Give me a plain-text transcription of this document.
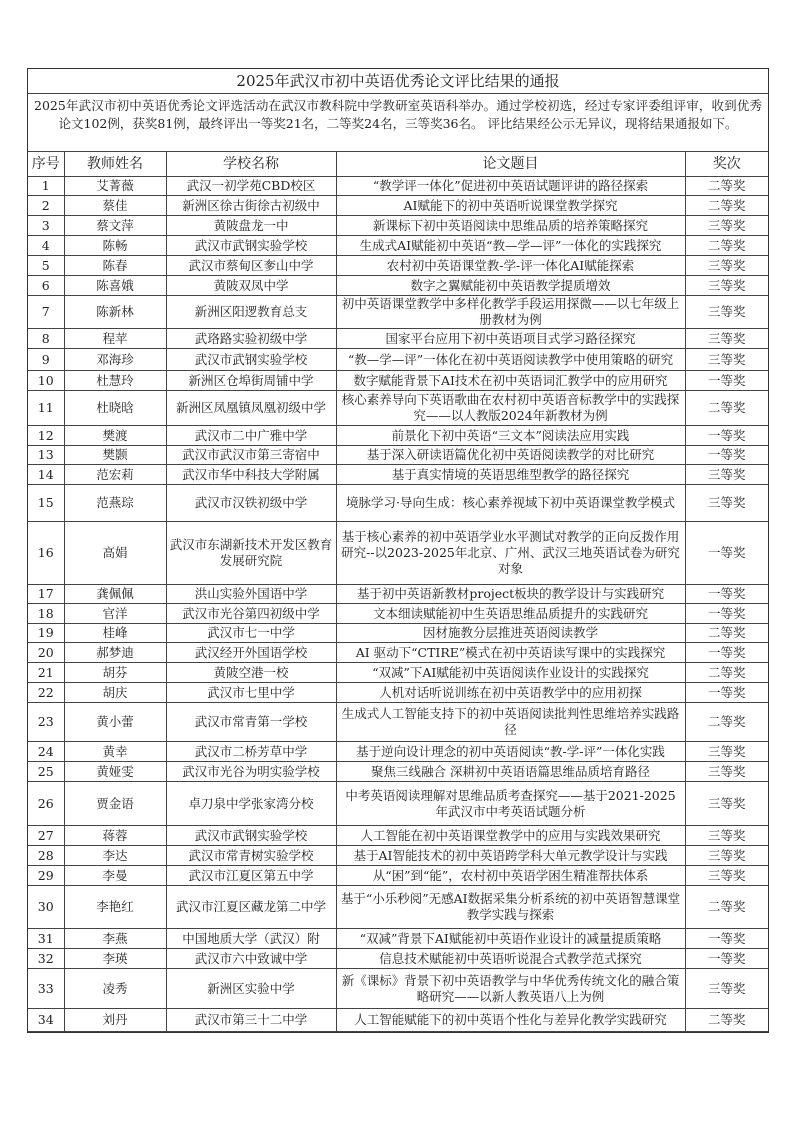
2025年武汉市初中英语优秀论文评比结果的通报
2025年武汉市初中英语优秀论文评选活动在武汉市教科院中学教研室英语科举办。通过学校初选，经过专家评委组评审，收到优秀论文102例，获奖81例，最终评出一等奖21名，二等奖24名，三等奖36名。 评比结果经公示无异议，现将结果通报如下。
序号	教师姓名	学校名称	论文题目	奖次
1	艾菁薇	武汉一初学苑CBD校区	“教学评一体化”促进初中英语试题评讲的路径探索	二等奖
2	蔡佳	新洲区徐古街徐古初级中	AI赋能下的初中英语听说课堂教学探究	二等奖
3	蔡文萍	黄陂盘龙一中	新课标下初中英语阅读中思维品质的培养策略探究	三等奖
4	陈畅	武汉市武钢实验学校	生成式AI赋能初中英语“教—学—评”一体化的实践探究	二等奖
5	陈春	武汉市蔡甸区奓山中学	农村初中英语课堂教-学-评一体化AI赋能探索	三等奖
6	陈喜娥	黄陂双凤中学	数字之翼赋能初中英语教学提质增效	三等奖
7	陈新林	新洲区阳逻教育总支	初中英语课堂教学中多样化教学手段运用探微——以七年级上册教材为例	三等奖
8	程苹	武珞路实验初级中学	国家平台应用下初中英语项目式学习路径探究	三等奖
9	邓海珍	武汉市武钢实验学校	“教—学—评”一体化在初中英语阅读教学中使用策略的研究	三等奖
10	杜慧玲	新洲区仓埠街周铺中学	数字赋能背景下AI技术在初中英语词汇教学中的应用研究	一等奖
11	杜晓晗	新洲区凤凰镇凤凰初级中学	核心素养导向下英语歌曲在农村初中英语音标教学中的实践探究——以人教版2024年新教材为例	二等奖
12	樊渡	武汉市二中广雅中学	前景化下初中英语“三文本”阅读法应用实践	一等奖
13	樊颢	武汉市武汉市第三寄宿中	基于深入研读语篇优化初中英语阅读教学的对比研究	一等奖
14	范宏莉	武汉市华中科技大学附属	基于真实情境的英语思维型教学的路径探究	三等奖
15	范燕琮	武汉市汉铁初级中学	境脉学习·导向生成：核心素养视域下初中英语课堂教学模式	三等奖
16	高娟	武汉市东湖新技术开发区教育发展研究院	基于核心素养的初中英语学业水平测试对教学的正向反拨作用研究--以2023-2025年北京、广州、武汉三地英语试卷为研究对象	一等奖
17	龚佩佩	洪山实验外国语中学	基于初中英语新教材project板块的教学设计与实践研究	一等奖
18	官洋	武汉市光谷第四初级中学	文本细读赋能初中生英语思维品质提升的实践研究	一等奖
19	桂峰	武汉市七一中学	因材施教分层推进英语阅读教学	二等奖
20	郝梦迪	武汉经开外国语学校	AI 驱动下“CTIRE”模式在初中英语读写课中的实践探究	一等奖
21	胡芬	黄陂空港一校	“双减”下AI赋能初中英语阅读作业设计的实践探究	二等奖
22	胡庆	武汉市七里中学	人机对话听说训练在初中英语教学中的应用初探	一等奖
23	黄小蕾	武汉市常青第一学校	生成式人工智能支持下的初中英语阅读批判性思维培养实践路径	二等奖
24	黄幸	武汉市二桥芳草中学	基于逆向设计理念的初中英语阅读“教-学-评”一体化实践	三等奖
25	黄娅雯	武汉市光谷为明实验学校	聚焦三线融合 深耕初中英语语篇思维品质培育路径	三等奖
26	贾金语	卓刀泉中学张家湾分校	中考英语阅读理解对思维品质考查探究——基于2021-2025年武汉市中考英语试题分析	三等奖
27	蒋蓉	武汉市武钢实验学校	人工智能在初中英语课堂教学中的应用与实践效果研究	三等奖
28	李达	武汉市常青树实验学校	基于AI智能技术的初中英语跨学科大单元教学设计与实践	三等奖
29	李曼	武汉市江夏区第五中学	从“困”到“能”，农村初中英语学困生精准帮扶体系	三等奖
30	李艳红	武汉市江夏区藏龙第二中学	基于“小乐秒阅”无感AI数据采集分析系统的初中英语智慧课堂教学实践与探索	二等奖
31	李燕	中国地质大学（武汉）附	“双减”背景下AI赋能初中英语作业设计的减量提质策略	一等奖
32	李瑛	武汉市六中致诚中学	信息技术赋能初中英语听说混合式教学范式探究	一等奖
33	凌秀	新洲区实验中学	新《课标》背景下初中英语教学与中华优秀传统文化的融合策略研究——以新人教英语八上为例	三等奖
34	刘丹	武汉市第三十二中学	人工智能赋能下的初中英语个性化与差异化教学实践研究	二等奖
